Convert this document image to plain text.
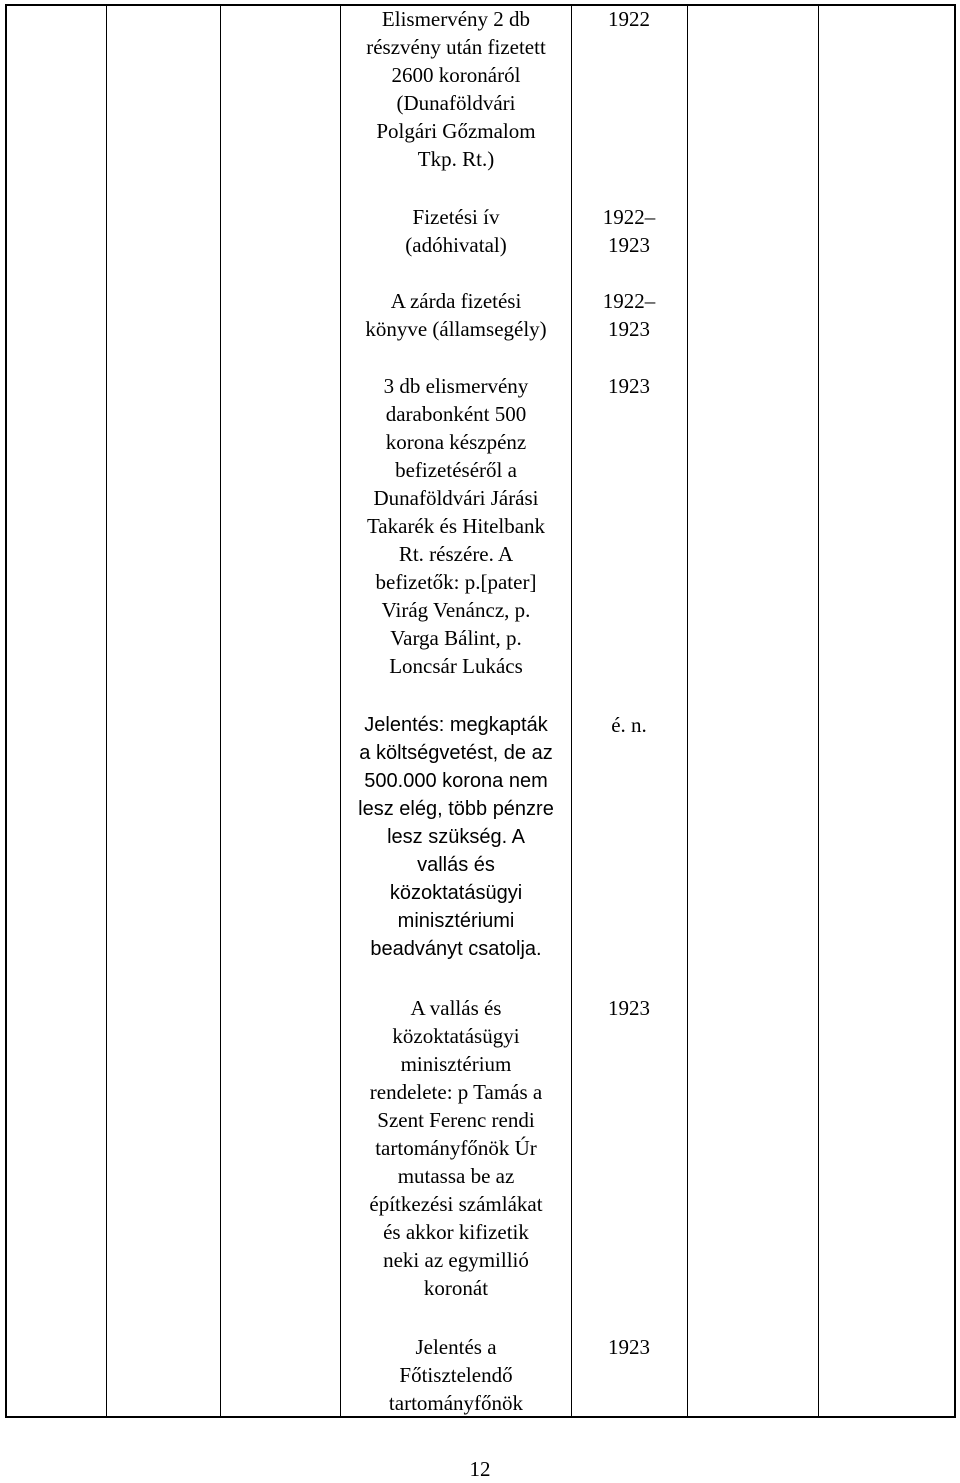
Elismervény 2 db
részvény után fizetett
2600 koronáról
(Dunaföldvári
Polgári Gőzmalom
Tkp. Rt.)
Fizetési ív
(adóhivatal)
A zárda fizetési
könyve (államsegély)
3 db elismervény
darabonként 500
korona készpénz
befizetéséről a
Dunaföldvári Járási
Takarék és Hitelbank
Rt. részére. A
befizetők: p.[pater]
Virág Venáncz, p.
Varga Bálint, p.
Loncsár Lukács
Jelentés: megkapták
a költségvetést, de az
500.000 korona nem
lesz elég, több pénzre
lesz szükség. A
vallás és
közoktatásügyi
minisztériumi
beadványt csatolja.
A vallás és
közoktatásügyi
minisztérium
rendelete: p Tamás a
Szent Ferenc rendi
tartományfőnök Úr
mutassa be az
építkezési számlákat
és akkor kifizetik
neki az egymillió
koronát
Jelentés a
Főtisztelendő
tartományfőnök
1922
1922–
1923
1922–
1923
1923
é. n.
1923
1923
12
